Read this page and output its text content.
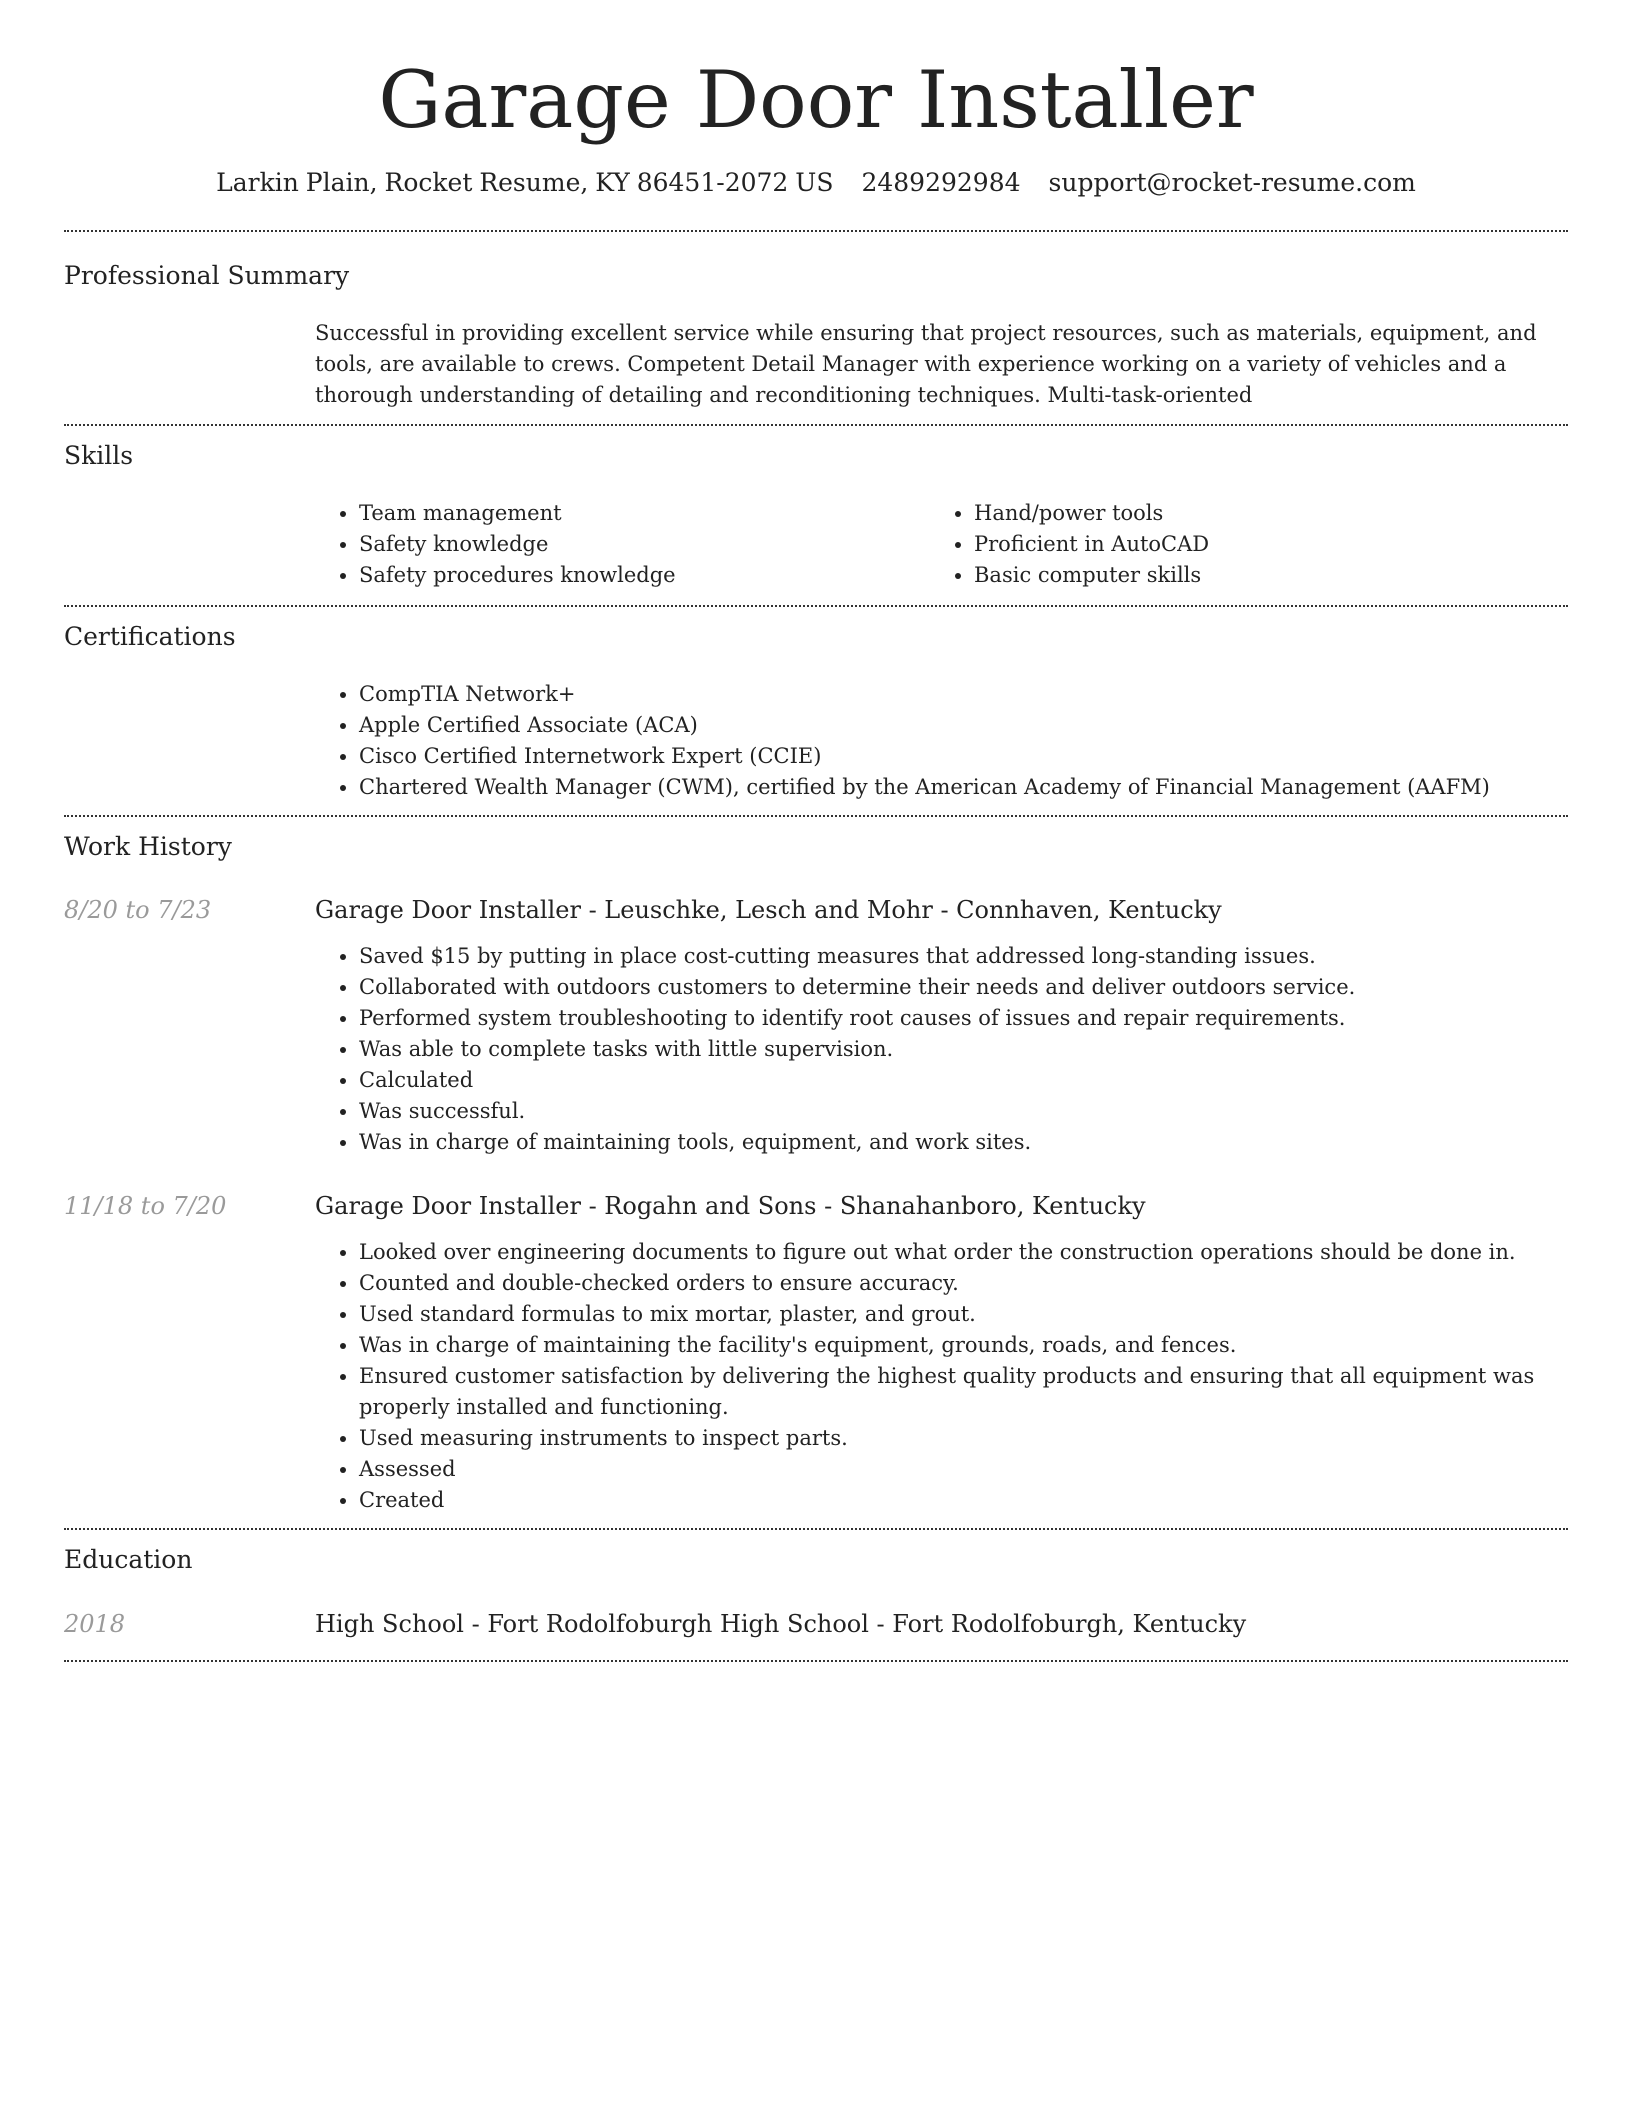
Garage Door Installer
Larkin Plain, Rocket Resume, KY 86451-2072 US 2489292984 support@rocket-resume.com
Professional Summary
Successful in providing excellent service while ensuring that project resources, such as materials, equipment, and tools, are available to crews. Competent Detail Manager with experience working on a variety of vehicles and a thorough understanding of detailing and reconditioning techniques. Multi-task-oriented
Skills
• Team management
• Safety knowledge
• Safety procedures knowledge
• Hand/power tools
• Proficient in AutoCAD
• Basic computer skills
Certifications
• CompTIA Network+
• Apple Certified Associate (ACA)
• Cisco Certified Internetwork Expert (CCIE)
• Chartered Wealth Manager (CWM), certified by the American Academy of Financial Management (AAFM)
Work History
8/20 to 7/23	Garage Door Installer - Leuschke, Lesch and Mohr - Connhaven, Kentucky
• Saved $15 by putting in place cost-cutting measures that addressed long-standing issues.
• Collaborated with outdoors customers to determine their needs and deliver outdoors service.
• Performed system troubleshooting to identify root causes of issues and repair requirements.
• Was able to complete tasks with little supervision.
• Calculated
• Was successful.
• Was in charge of maintaining tools, equipment, and work sites.
11/18 to 7/20	Garage Door Installer - Rogahn and Sons - Shanahanboro, Kentucky
• Looked over engineering documents to figure out what order the construction operations should be done in.
• Counted and double-checked orders to ensure accuracy.
• Used standard formulas to mix mortar, plaster, and grout.
• Was in charge of maintaining the facility's equipment, grounds, roads, and fences.
• Ensured customer satisfaction by delivering the highest quality products and ensuring that all equipment was properly installed and functioning.
• Used measuring instruments to inspect parts.
• Assessed
• Created
Education
2018	High School - Fort Rodolfoburgh High School - Fort Rodolfoburgh, Kentucky
